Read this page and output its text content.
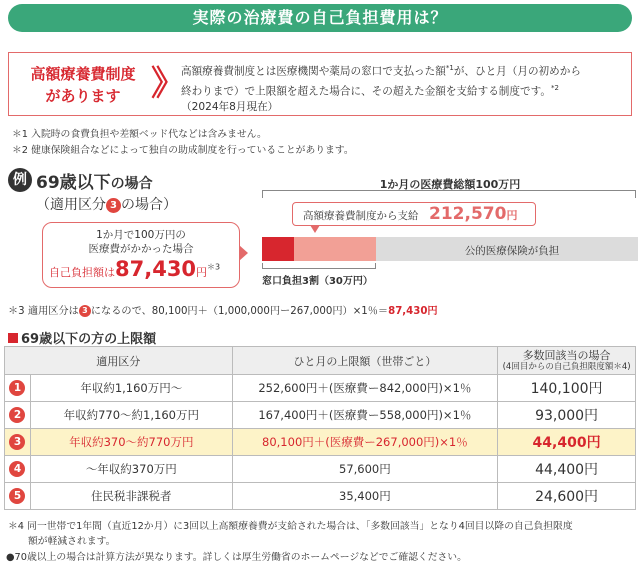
実際の治療費の自己負担費用は？
高額療養費制度
があります 》 高額療養費制度とは医療機関や薬局の窓口で支払った額$^{*1}$が、ひと月（月の初めから
終わりまで）で上限額を超えた場合に、その超えた金額を支給する制度です。$^{*2}$
（2024年8月現在）
＊1 入院時の食費負担や差額ベッド代などは含みません。
＊2 健康保険組合などによって独自の助成制度を行っていることがあります。
例 69歳以下の場合
（適用区分 3 の場合）
1か月で100万円の
医療費がかかった場合
自己負担額は87,430円$^{*3}$
1か月の医療費総額100万円
高額療養費制度から支給 212,570円
公的医療保険が負担
窓口負担3割（30万円）
＊3 適用区分は 3 になるので、80,100円＋（1,000,000円ー267,000円）×1％＝87,430円
69歳以下の方の上限額
適用区分		ひと月の上限額（世帯ごと）	多数回該当の場合
(4回目からの自己負担限度額＊4)

1	年収約1,160万円〜	252,600円＋(医療費ー842,000円)×1％	140,100円
2	年収約770〜約1,160万円	167,400円＋(医療費ー558,000円)×1％	93,000円
3	年収約370〜約770万円	80,100円＋(医療費ー267,000円)×1％	44,400円
4	〜年収約370万円	57,600円	44,400円
5	住民税非課税者	35,400円	24,600円
＊4 同一世帯で1年間（直近12か月）に3回以上高額療養費が支給された場合は、「多数回該当」となり4回目以降の自己負担限度
額が軽減されます。
●70歳以上の場合は計算方法が異なります。詳しくは厚生労働省のホームページなどでご確認ください。
